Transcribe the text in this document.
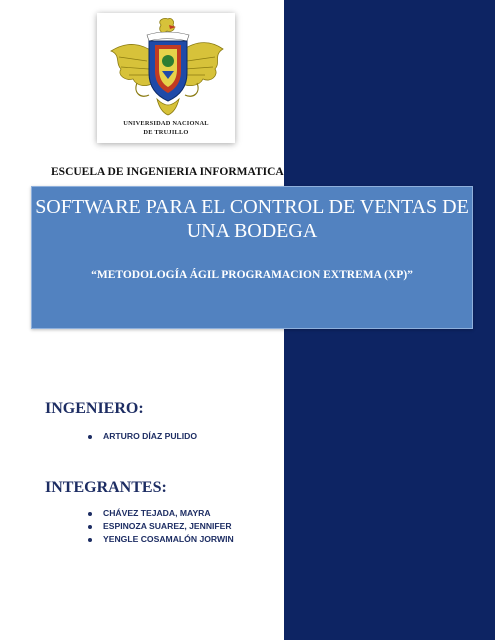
UNIVERSIDAD NACIONAL
DE TRUJILLO
ESCUELA DE INGENIERIA INFORMATICA
SOFTWARE PARA EL CONTROL DE VENTAS DE
UNA BODEGA
“METODOLOGÍA ÁGIL PROGRAMACION EXTREMA (XP)”
INGENIERO:
ARTURO DÍAZ PULIDO
INTEGRANTES:
CHÁVEZ TEJADA, MAYRA
ESPINOZA SUAREZ, JENNIFER
YENGLE COSAMALÓN JORWIN
